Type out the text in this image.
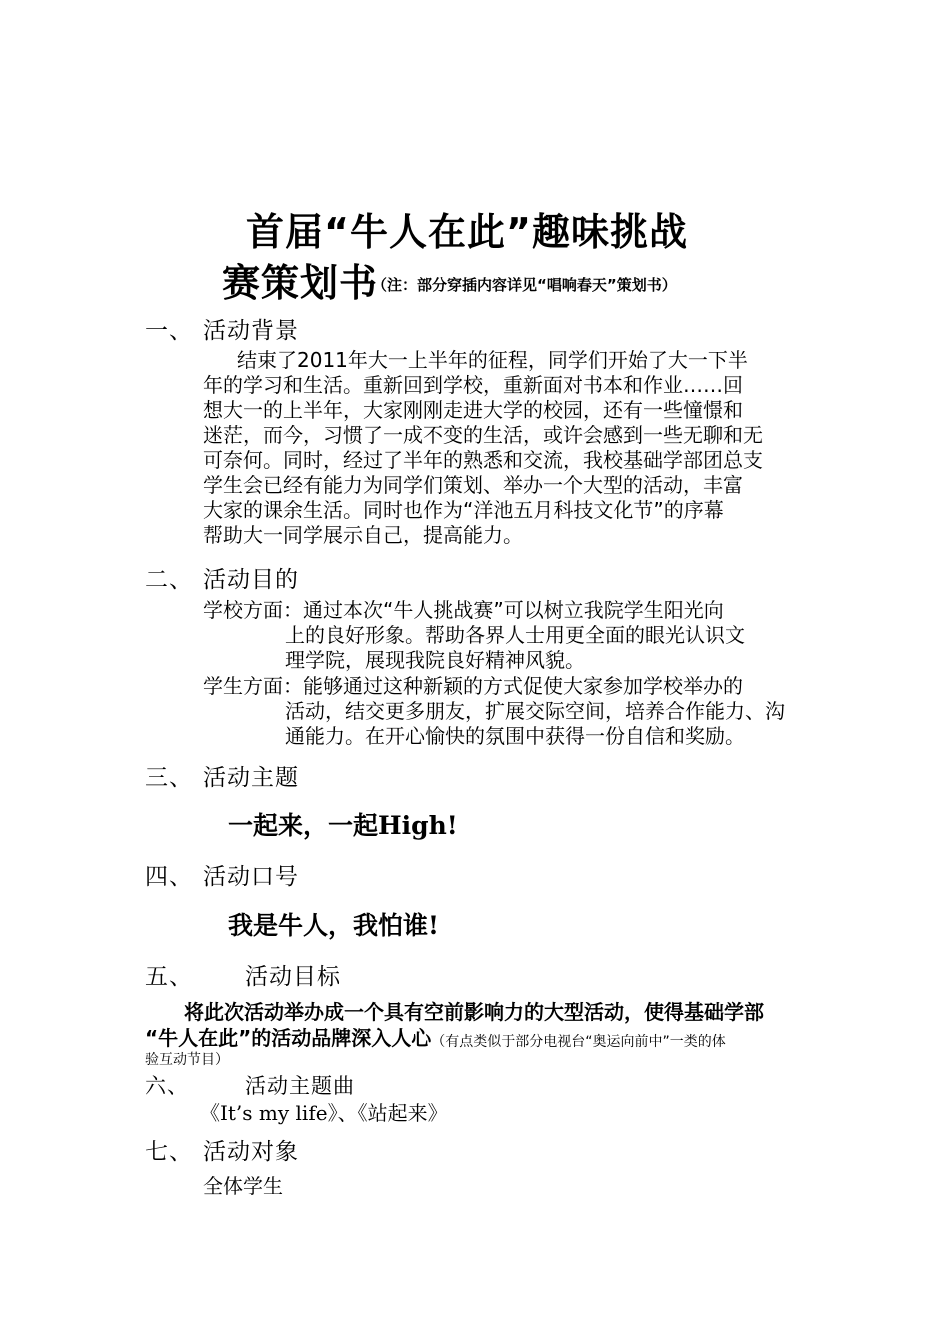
首届“牛人在此”趣味挑战
赛策划书
（注：部分穿插内容详见“唱响春天”策划书）
一、 活动背景
结束了2011年大一上半年的征程，同学们开始了大一下半
年的学习和生活。重新回到学校，重新面对书本和作业……回
想大一的上半年，大家刚刚走进大学的校园，还有一些憧憬和
迷茫，而今，习惯了一成不变的生活，或许会感到一些无聊和无
可奈何。同时，经过了半年的熟悉和交流，我校基础学部团总支
学生会已经有能力为同学们策划、举办一个大型的活动，丰富
大家的课余生活。同时也作为“洋池五月科技文化节”的序幕
帮助大一同学展示自己，提高能力。
二、 活动目的
学校方面： 通过本次“牛人挑战赛”可以树立我院学生阳光向
上的良好形象。帮助各界人士用更全面的眼光认识文
理学院，展现我院良好精神风貌。
学生方面： 能够通过这种新颖的方式促使大家参加学校举办的
活动，结交更多朋友，扩展交际空间，培养合作能力、沟
通能力。在开心愉快的氛围中获得一份自信和奖励。
三、 活动主题
一起来，一起High!
四、 活动口号
我是牛人，我怕谁!
五、 活动目标
将此次活动举办成一个具有空前影响力的大型活动，使得基础学部
“牛人在此”的活动品牌深入人心（有点类似于部分电视台“奥运向前中”一类的体
验互动节目）
六、	活动主题曲
《It’s my life》、《站起来》
七、 活动对象
全体学生
